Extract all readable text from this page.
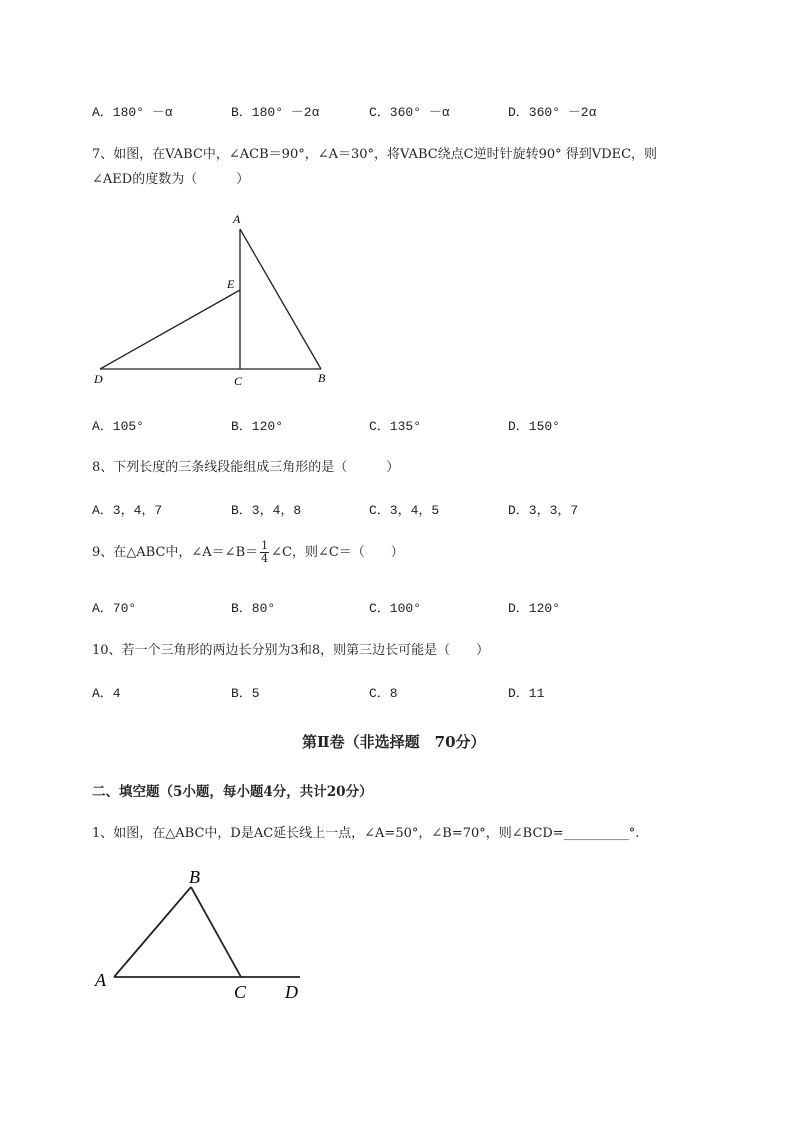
A．180° －α	B．180° －2α	C．360° －α	D．360° －2α
7、如图，在VABC中，∠ACB＝90°，∠A＝30°，将VABC绕点C逆时针旋转90° 得到VDEC，则
∠AED的度数为（　　　）
A
E
D	C	B
A．105°	B．120°	C．135°	D．150°
8、下列长度的三条线段能组成三角形的是（　　　）
A．3，4，7	B．3，4，8	C．3，4，5	D．3，3，7
9、在△ABC中，∠A＝∠B＝ $\frac{1}{4}$ ∠C，则∠C＝（　　）
A．70°	B．80°	C．100°	D．120°
10、若一个三角形的两边长分别为3和8，则第三边长可能是（　　）
A．4	B．5	C．8	D．11
第Ⅱ卷（非选择题　70分）
二、填空题（5小题，每小题4分，共计20分）
1、如图，在△ABC中，D是AC延长线上一点，∠A=50°，∠B=70°，则∠BCD=__________°.
B
A
C D
